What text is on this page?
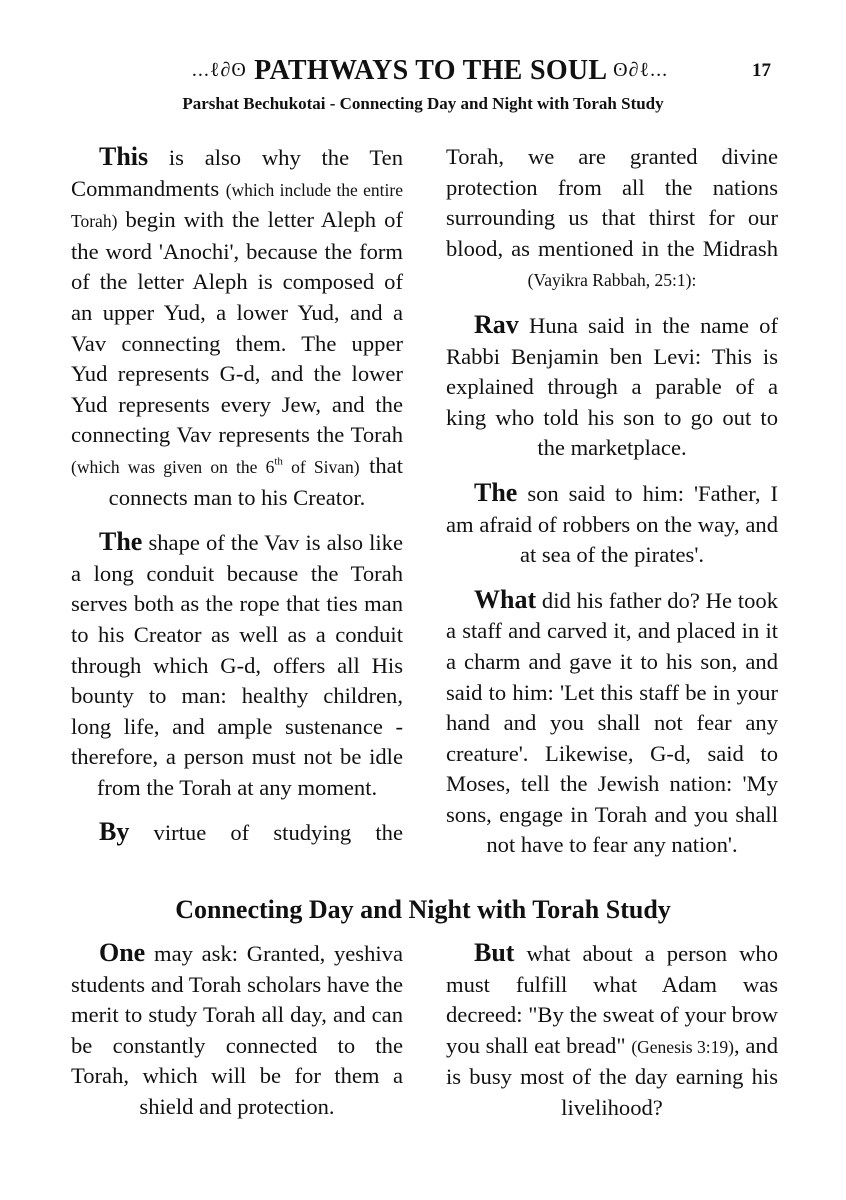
...ℓ∂ʘ PATHWAYS TO THE SOUL ʘ∂ℓ...	17
Parshat Bechukotai - Connecting Day and Night with Torah Study

This is also why the Ten Commandments (which include the entire Torah) begin with the letter Aleph of the word 'Anochi', because the form of the letter Aleph is composed of an upper Yud, a lower Yud, and a Vav connecting them. The upper Yud represents G-d, and the lower Yud represents every Jew, and the connecting Vav represents the Torah (which was given on the 6th of Sivan) that connects man to his Creator.

The shape of the Vav is also like a long conduit because the Torah serves both as the rope that ties man to his Creator as well as a conduit through which G-d, offers all His bounty to man: healthy children, long life, and ample sustenance - therefore, a person must not be idle from the Torah at any moment.

By virtue of studying the

Torah, we are granted divine protection from all the nations surrounding us that thirst for our blood, as mentioned in the Midrash (Vayikra Rabbah, 25:1):

Rav Huna said in the name of Rabbi Benjamin ben Levi: This is explained through a parable of a king who told his son to go out to the marketplace.

The son said to him: 'Father, I am afraid of robbers on the way, and at sea of the pirates'.

What did his father do? He took a staff and carved it, and placed in it a charm and gave it to his son, and said to him: 'Let this staff be in your hand and you shall not fear any creature'. Likewise, G-d, said to Moses, tell the Jewish nation: 'My sons, engage in Torah and you shall not have to fear any nation'.

Connecting Day and Night with Torah Study

One may ask: Granted, yeshiva students and Torah scholars have the merit to study Torah all day, and can be constantly connected to the Torah, which will be for them a shield and protection.

But what about a person who must fulfill what Adam was decreed: "By the sweat of your brow you shall eat bread" (Genesis 3:19), and is busy most of the day earning his livelihood?
